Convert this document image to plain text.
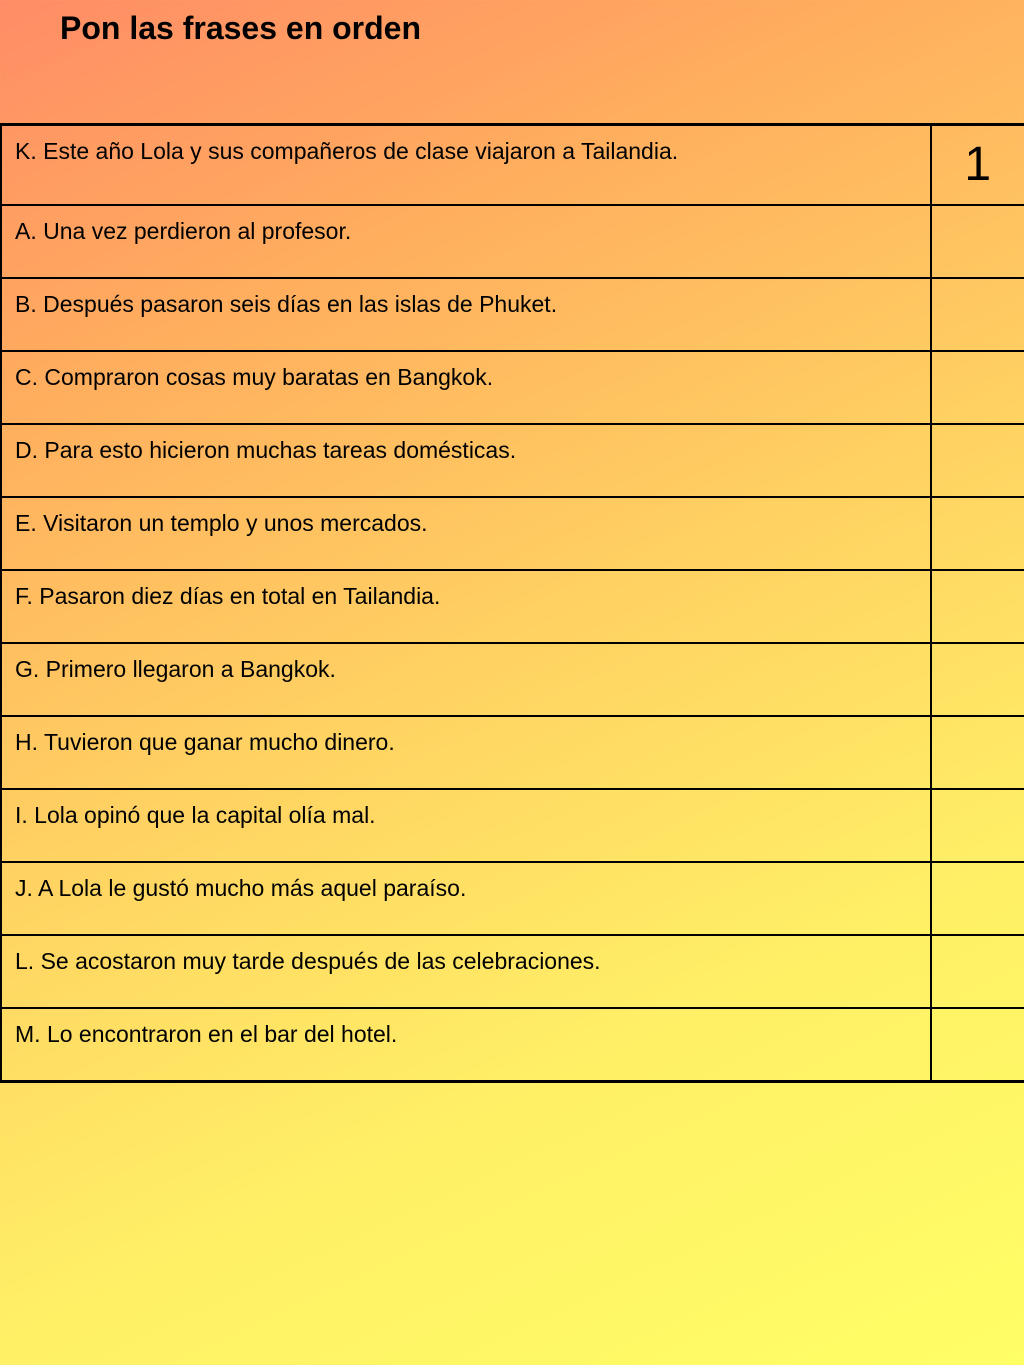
Pon las frases en orden
K. Este año Lola y sus compañeros de clase viajaron a Tailandia.	1
A. Una vez perdieron al profesor.	
B. Después pasaron seis días en las islas de Phuket.	
C. Compraron cosas muy baratas en Bangkok.	
D. Para esto hicieron muchas tareas domésticas.	
E. Visitaron un templo y unos mercados.	
F. Pasaron diez días en total en Tailandia.	
G. Primero llegaron a Bangkok.	
H. Tuvieron que ganar mucho dinero.	
I. Lola opinó que la capital olía mal.	
J. A Lola le gustó mucho más aquel paraíso.	
L. Se acostaron muy tarde después de las celebraciones.	
M. Lo encontraron en el bar del hotel.	
